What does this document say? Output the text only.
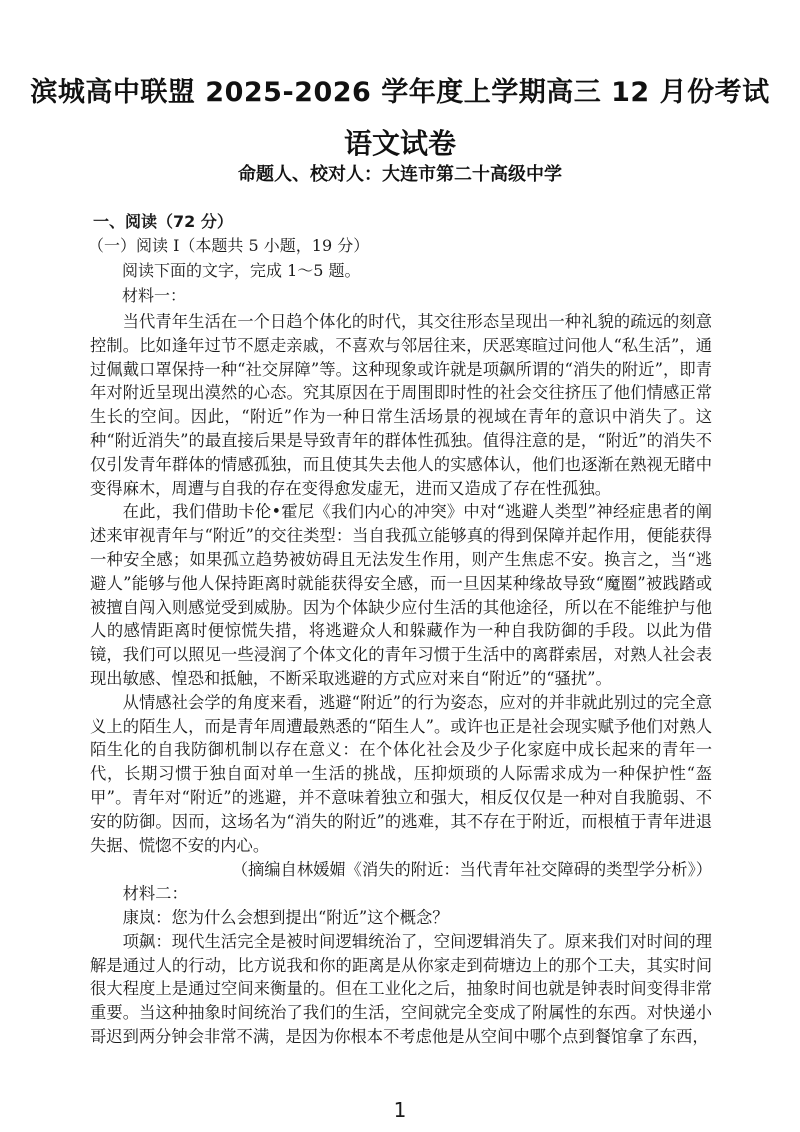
滨城高中联盟 2025-2026 学年度上学期高三 12 月份考试
语文试卷
命题人、校对人：大连市第二十高级中学
一、阅读（72 分）
（一）阅读 I（本题共 5 小题，19 分）
阅读下面的文字，完成 1～5 题。
材料一：

当代青年生活在一个日趋个体化的时代，其交往形态呈现出一种礼貌的疏远的刻意控制。比如逢年过节不愿走亲戚，不喜欢与邻居往来，厌恶寒暄过问他人“私生活”，通过佩戴口罩保持一种“社交屏障”等。这种现象或许就是项飙所谓的“消失的附近”，即青年对附近呈现出漠然的心态。究其原因在于周围即时性的社会交往挤压了他们情感正常生长的空间。因此，“附近”作为一种日常生活场景的视域在青年的意识中消失了。这种“附近消失”的最直接后果是导致青年的群体性孤独。值得注意的是，“附近”的消失不仅引发青年群体的情感孤独，而且使其失去他人的实感体认，他们也逐渐在熟视无睹中变得麻木，周遭与自我的存在变得愈发虚无，进而又造成了存在性孤独。

在此，我们借助卡伦•霍尼《我们内心的冲突》中对“逃避人类型”神经症患者的阐述来审视青年与“附近”的交往类型：当自我孤立能够真的得到保障并起作用，便能获得一种安全感；如果孤立趋势被妨碍且无法发生作用，则产生焦虑不安。换言之，当“逃避人”能够与他人保持距离时就能获得安全感，而一旦因某种缘故导致“魔圈”被践踏或被擅自闯入则感觉受到威胁。因为个体缺少应付生活的其他途径，所以在不能维护与他人的感情距离时便惊慌失措，将逃避众人和躲藏作为一种自我防御的手段。以此为借镜，我们可以照见一些浸润了个体文化的青年习惯于生活中的离群索居，对熟人社会表现出敏感、惶恐和抵触，不断采取逃避的方式应对来自“附近”的“骚扰”。

从情感社会学的角度来看，逃避“附近”的行为姿态，应对的并非就此别过的完全意义上的陌生人，而是青年周遭最熟悉的“陌生人”。或许也正是社会现实赋予他们对熟人陌生化的自我防御机制以存在意义：在个体化社会及少子化家庭中成长起来的青年一代，长期习惯于独自面对单一生活的挑战，压抑烦琐的人际需求成为一种保护性“盔甲”。青年对“附近”的逃避，并不意味着独立和强大，相反仅仅是一种对自我脆弱、不安的防御。因而，这场名为“消失的附近”的逃难，其不存在于附近，而根植于青年进退失据、慌惚不安的内心。

（摘编自林媛媚《消失的附近：当代青年社交障碍的类型学分析》）

材料二：

康岚：您为什么会想到提出“附近”这个概念？

项飙：现代生活完全是被时间逻辑统治了，空间逻辑消失了。原来我们对时间的理解是通过人的行动，比方说我和你的距离是从你家走到荷塘边上的那个工夫，其实时间很大程度上是通过空间来衡量的。但在工业化之后，抽象时间也就是钟表时间变得非常重要。当这种抽象时间统治了我们的生活，空间就完全变成了附属性的东西。对快递小哥迟到两分钟会非常不满，是因为你根本不考虑他是从空间中哪个点到餐馆拿了东西，

1
